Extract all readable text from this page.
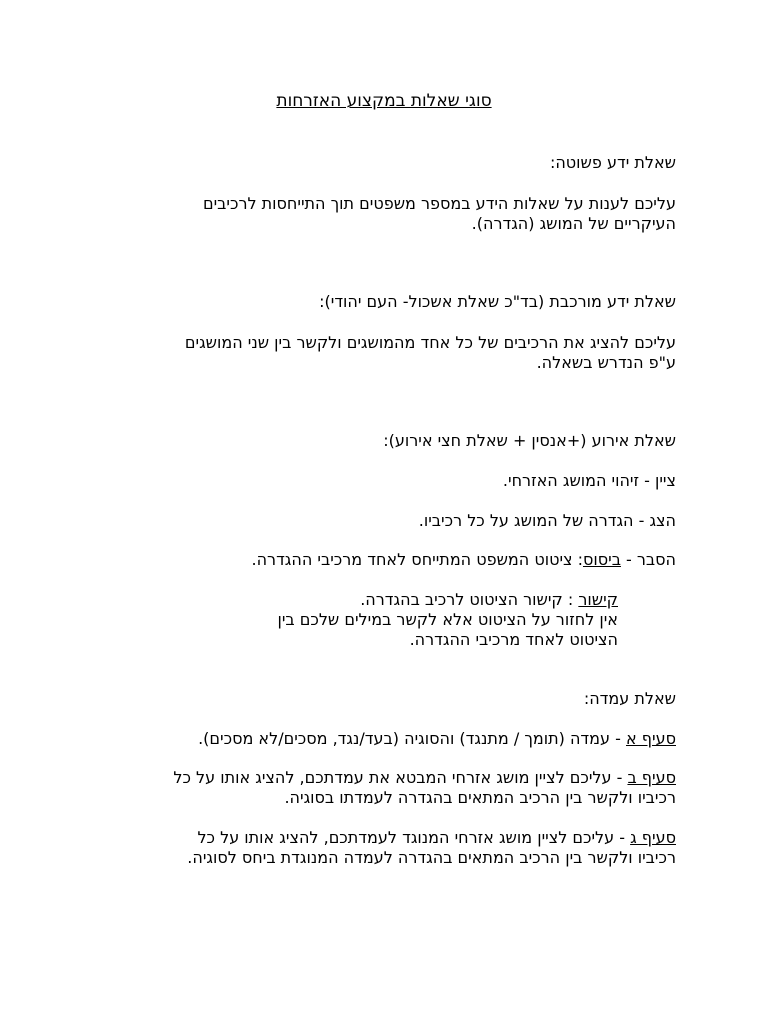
סוגי שאלות במקצוע האזרחות
שאלת ידע פשוטה:
עליכם לענות על שאלות הידע במספר משפטים תוך התייחסות לרכיבים
העיקריים של המושג (הגדרה).
שאלת ידע מורכבת (בד"כ שאלת אשכול- העם יהודי):
עליכם להציג את הרכיבים של כל אחד מהמושגים ולקשר בין שני המושגים
ע"פ הנדרש בשאלה.
שאלת אירוע (+אנסין + שאלת חצי אירוע):
ציין - זיהוי המושג האזרחי.
הצג - הגדרה של המושג על כל רכיביו.
הסבר - ביסוס: ציטוט המשפט המתייחס לאחד מרכיבי ההגדרה.
קישור : קישור הציטוט לרכיב בהגדרה.
אין לחזור על הציטוט אלא לקשר במילים שלכם בין
הציטוט לאחד מרכיבי ההגדרה.
שאלת עמדה:
סעיף א - עמדה (תומך / מתנגד) והסוגיה (בעד/נגד, מסכים/לא מסכים).
סעיף ב - עליכם לציין מושג אזרחי המבטא את עמדתכם, להציג אותו על כל
רכיביו ולקשר בין הרכיב המתאים בהגדרה לעמדתו בסוגיה.
סעיף ג - עליכם לציין מושג אזרחי המנוגד לעמדתכם, להציג אותו על כל
רכיביו ולקשר בין הרכיב המתאים בהגדרה לעמדה המנוגדת ביחס לסוגיה.
